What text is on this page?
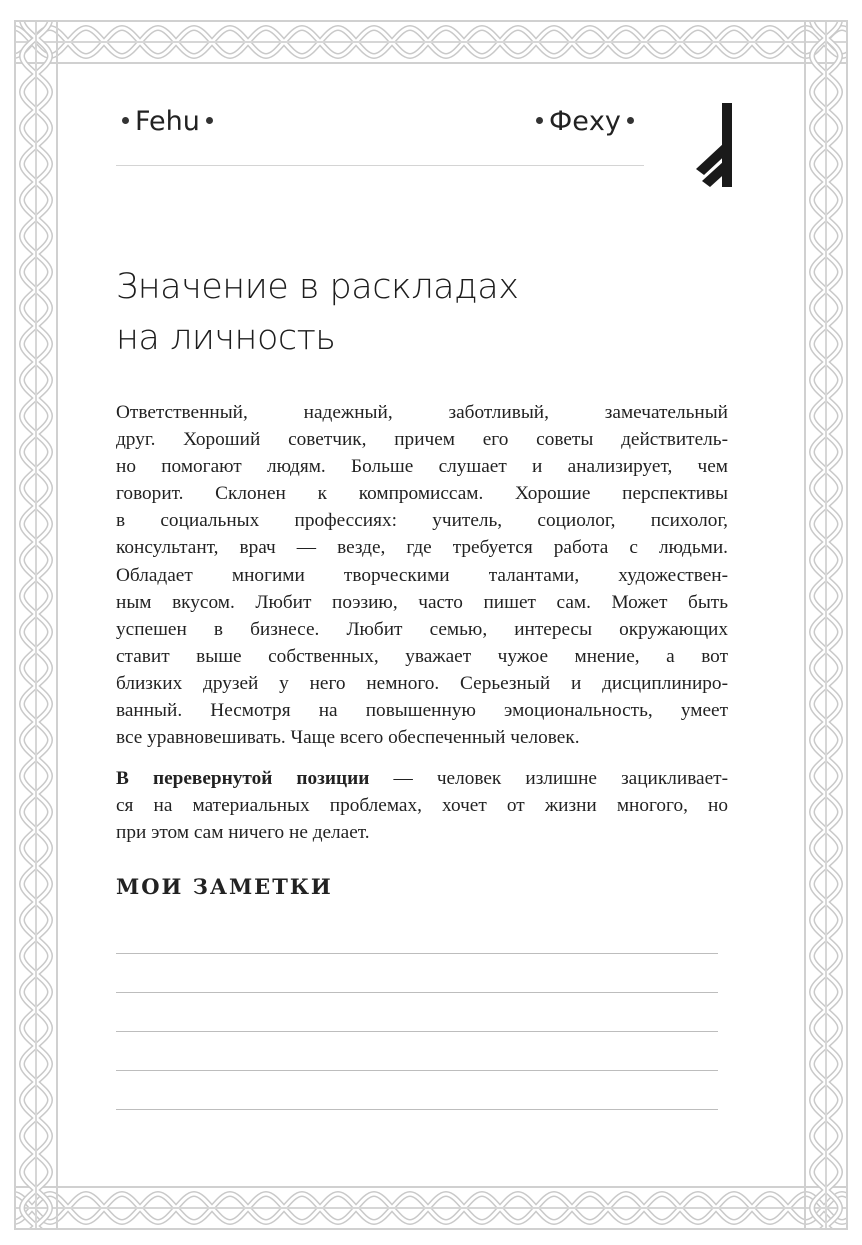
Fehu	Феху
Значение в раскладах
на личность
Ответственный, надежный, заботливый, замечательный
друг. Хороший советчик, причем его советы действитель-
но помогают людям. Больше слушает и анализирует, чем
говорит. Склонен к компромиссам. Хорошие перспективы
в социальных профессиях: учитель, социолог, психолог,
консультант, врач — везде, где требуется работа с людьми.
Обладает многими творческими талантами, художествен-
ным вкусом. Любит поэзию, часто пишет сам. Может быть
успешен в бизнесе. Любит семью, интересы окружающих
ставит выше собственных, уважает чужое мнение, а вот
близких друзей у него немного. Серьезный и дисциплиниро-
ванный. Несмотря на повышенную эмоциональность, умеет
все уравновешивать. Чаще всего обеспеченный человек.
В перевернутой позиции — человек излишне зацикливает-
ся на материальных проблемах, хочет от жизни многого, но
при этом сам ничего не делает.
МОИ ЗАМЕТКИ
